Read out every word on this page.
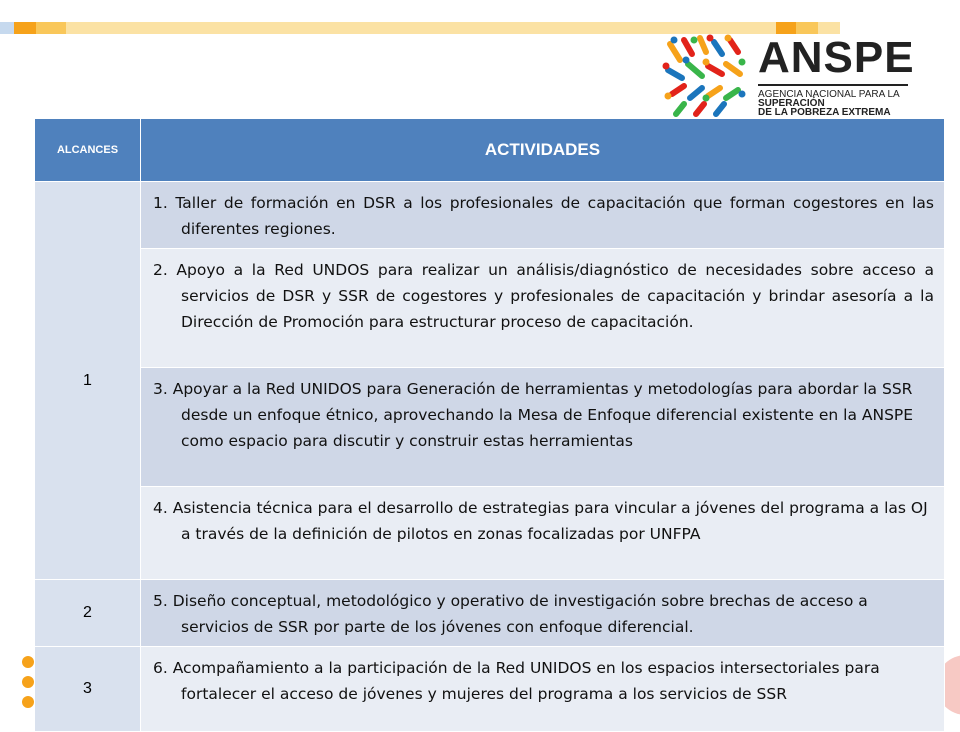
ANSPE
AGENCIA NACIONAL PARA LA
SUPERACIÓN
DE LA POBREZA EXTREMA
ALCANCES	ACTIVIDADES
1	1. Taller de formación en DSR a los profesionales de capacitación que forman cogestores en las diferentes regiones.

	2. Apoyo a la Red UNDOS para realizar un análisis/diagnóstico de necesidades sobre acceso a servicios de DSR y SSR de cogestores y profesionales de capacitación y brindar asesoría a la Dirección de Promoción para estructurar proceso de capacitación.

	3. Apoyar a la Red UNIDOS para Generación de herramientas y metodologías para abordar la SSR desde un enfoque étnico, aprovechando la Mesa de Enfoque diferencial existente en la ANSPE como espacio para discutir y construir estas herramientas

	4. Asistencia técnica para el desarrollo de estrategias para vincular a jóvenes del programa a las OJ a través de la definición de pilotos en zonas focalizadas por UNFPA

2	5. Diseño conceptual, metodológico y operativo de investigación sobre brechas de acceso a servicios de SSR por parte de los jóvenes con enfoque diferencial.

3	6. Acompañamiento a la participación de la Red UNIDOS en los espacios intersectoriales para fortalecer el acceso de jóvenes y mujeres del programa a los servicios de SSR
